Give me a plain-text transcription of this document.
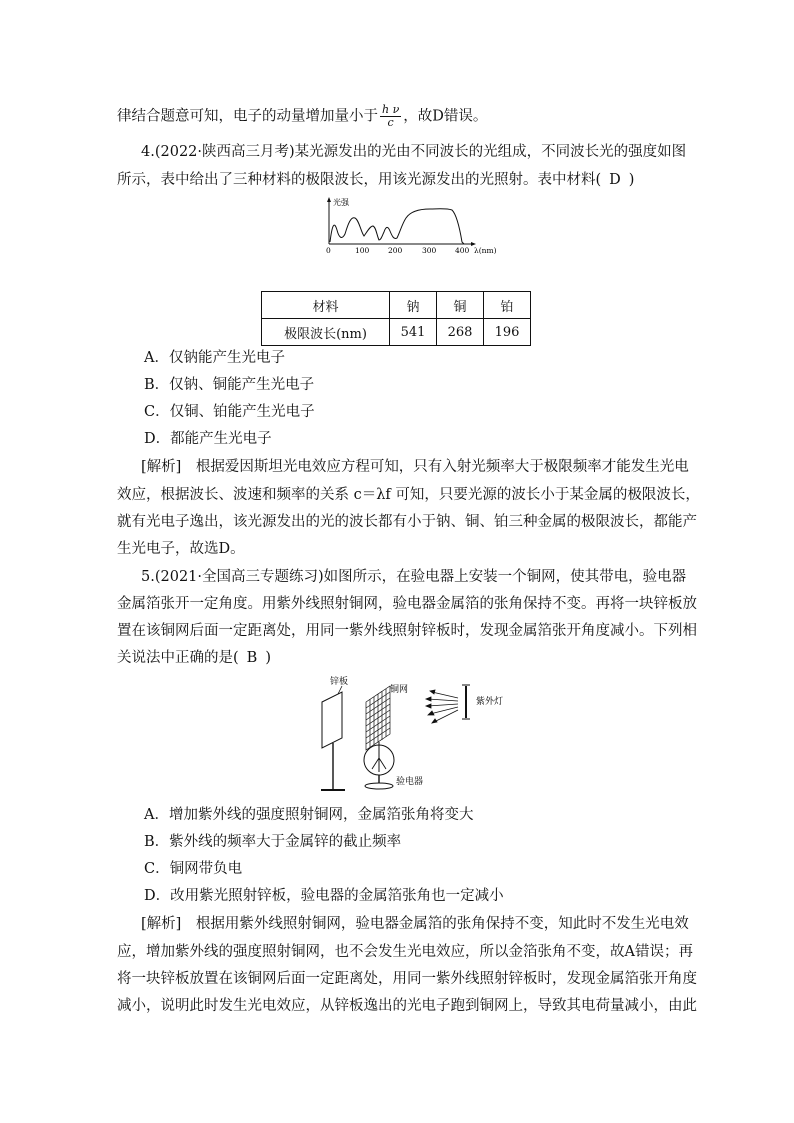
律结合题意可知，电子的动量增加量小于 $\frac{\text{h ν}}{c}$ ，故D错误。
4.(2022·陕西高三月考)某光源发出的光由不同波长的光组成，不同波长光的强度如图
所示，表中给出了三种材料的极限波长，用该光源发出的光照射。表中材料( D )
光强
0	100 200	300 400 λ(nm)
材料	钠	铜	铂
极限波长(nm)	541	268	196
A．仅钠能产生光电子
B．仅钠、铜能产生光电子
C．仅铜、铂能产生光电子
D．都能产生光电子
[解析]　根据爱因斯坦光电效应方程可知，只有入射光频率大于极限频率才能发生光电
效应，根据波长、波速和频率的关系 c＝λf 可知，只要光源的波长小于某金属的极限波长，
就有光电子逸出，该光源发出的光的波长都有小于钠、铜、铂三种金属的极限波长，都能产
生光电子，故选D。
5.(2021·全国高三专题练习)如图所示，在验电器上安装一个铜网，使其带电，验电器
金属箔张开一定角度。用紫外线照射铜网，验电器金属箔的张角保持不变。再将一块锌板放
置在该铜网后面一定距离处，用同一紫外线照射锌板时，发现金属箔张开角度减小。下列相
关说法中正确的是( B )
锌板
铜网
验电器
紫外灯
A．增加紫外线的强度照射铜网，金属箔张角将变大
B．紫外线的频率大于金属锌的截止频率
C．铜网带负电
D．改用紫光照射锌板，验电器的金属箔张角也一定减小
[解析]　根据用紫外线照射铜网，验电器金属箔的张角保持不变，知此时不发生光电效
应，增加紫外线的强度照射铜网，也不会发生光电效应，所以金箔张角不变，故A错误；再
将一块锌板放置在该铜网后面一定距离处，用同一紫外线照射锌板时，发现金属箔张开角度
减小，说明此时发生光电效应，从锌板逸出的光电子跑到铜网上，导致其电荷量减小，由此
